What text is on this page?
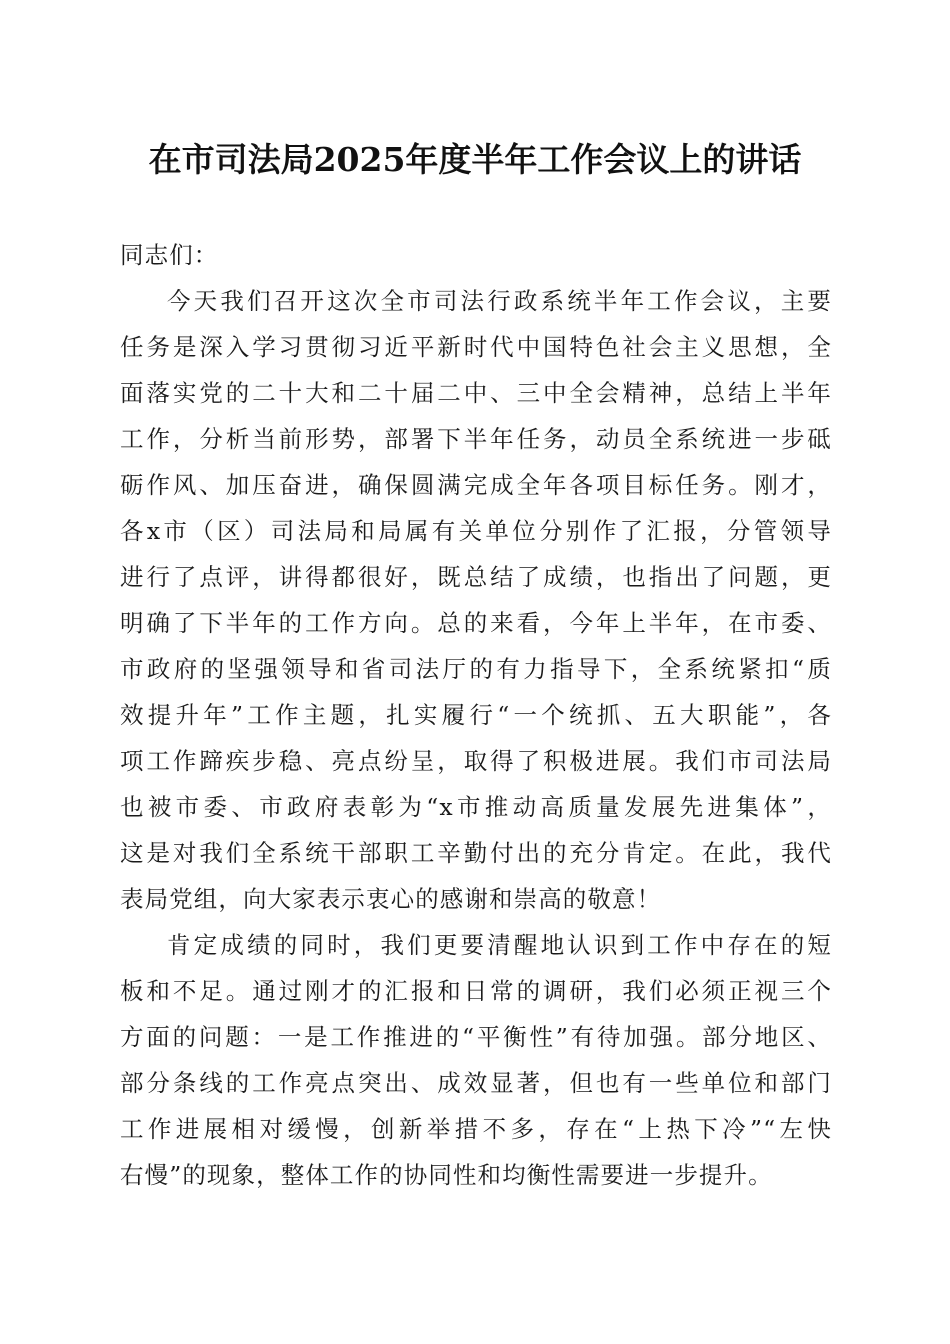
在市司法局2025年度半年工作会议上的讲话

同志们：

今天我们召开这次全市司法行政系统半年工作会议，主要
任务是深入学习贯彻习近平新时代中国特色社会主义思想，全
面落实党的二十大和二十届二中、三中全会精神，总结上半年
工作，分析当前形势，部署下半年任务，动员全系统进一步砥
砺作风、加压奋进，确保圆满完成全年各项目标任务。刚才，
各x市（区）司法局和局属有关单位分别作了汇报，分管领导
进行了点评，讲得都很好，既总结了成绩，也指出了问题，更
明确了下半年的工作方向。总的来看，今年上半年，在市委、
市政府的坚强领导和省司法厅的有力指导下，全系统紧扣“质
效提升年”工作主题，扎实履行“一个统抓、五大职能”，各
项工作蹄疾步稳、亮点纷呈，取得了积极进展。我们市司法局
也被市委、市政府表彰为“x市推动高质量发展先进集体”，
这是对我们全系统干部职工辛勤付出的充分肯定。在此，我代
表局党组，向大家表示衷心的感谢和崇高的敬意！
肯定成绩的同时，我们更要清醒地认识到工作中存在的短
板和不足。通过刚才的汇报和日常的调研，我们必须正视三个
方面的问题：一是工作推进的“平衡性”有待加强。部分地区、
部分条线的工作亮点突出、成效显著，但也有一些单位和部门
工作进展相对缓慢，创新举措不多，存在“上热下冷”“左快
右慢”的现象，整体工作的协同性和均衡性需要进一步提升。
